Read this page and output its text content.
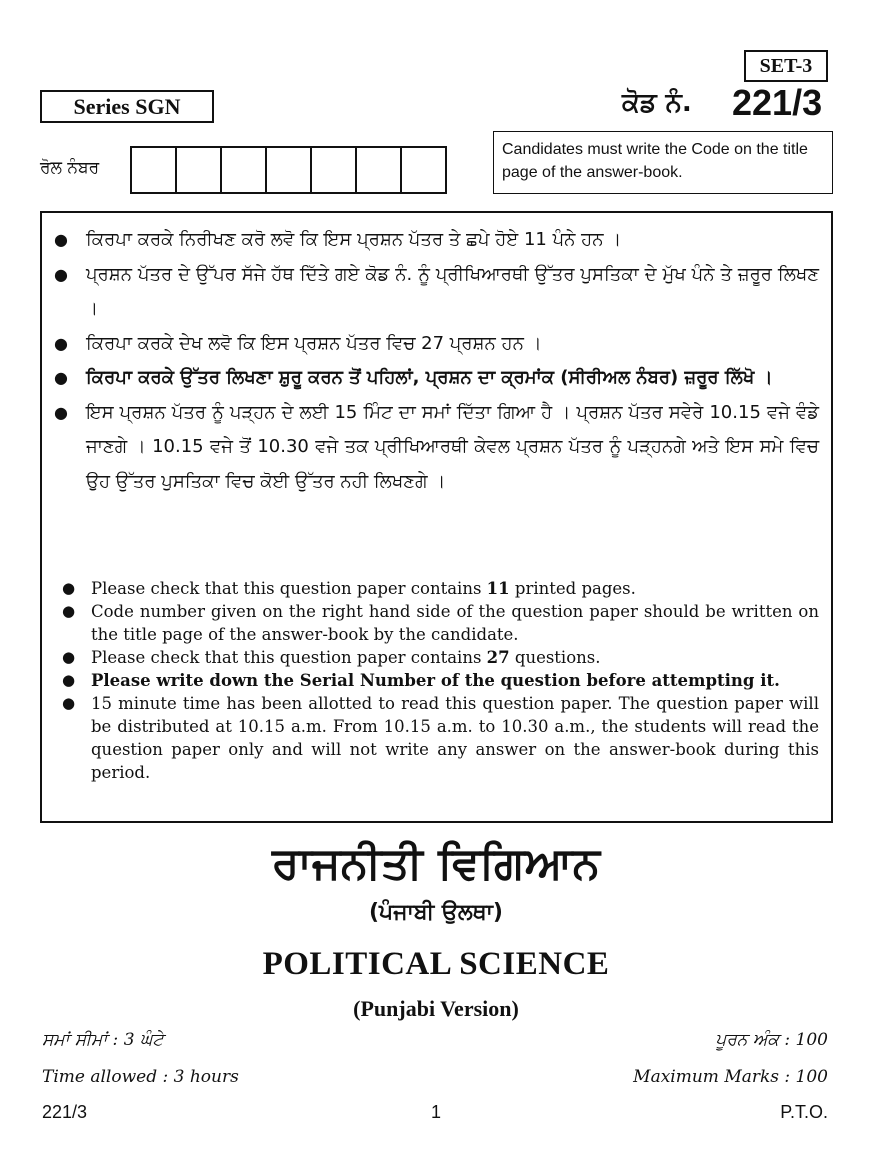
SET-3
Series SGN	ਕੋਡ ਨੰ. 221/3
ਰੋਲ ਨੰਬਰ
Candidates must write the Code on the title page of the answer-book.
● ਕਿਰਪਾ ਕਰਕੇ ਨਿਰੀਖਣ ਕਰੋ ਲਵੋ ਕਿ ਇਸ ਪ੍ਰਸ਼ਨ ਪੱਤਰ ਤੇ ਛਪੇ ਹੋਏ 11 ਪੰਨੇ ਹਨ ।
● ਪ੍ਰਸ਼ਨ ਪੱਤਰ ਦੇ ਉੱਪਰ ਸੱਜੇ ਹੱਥ ਦਿੱਤੇ ਗਏ ਕੋਡ ਨੰ. ਨੂੰ ਪ੍ਰੀਖਿਆਰਥੀ ਉੱਤਰ ਪੁਸਤਿਕਾ ਦੇ ਮੁੱਖ ਪੰਨੇ ਤੇ ਜ਼ਰੂਰ ਲਿਖਣ ।
● ਕਿਰਪਾ ਕਰਕੇ ਦੇਖ ਲਵੋ ਕਿ ਇਸ ਪ੍ਰਸ਼ਨ ਪੱਤਰ ਵਿਚ 27 ਪ੍ਰਸ਼ਨ ਹਨ ।
● ਕਿਰਪਾ ਕਰਕੇ ਉੱਤਰ ਲਿਖਣਾ ਸ਼ੁਰੂ ਕਰਨ ਤੋਂ ਪਹਿਲਾਂ, ਪ੍ਰਸ਼ਨ ਦਾ ਕ੍ਰਮਾਂਕ (ਸੀਰੀਅਲ ਨੰਬਰ) ਜ਼ਰੂਰ ਲਿੱਖੋ ।
● ਇਸ ਪ੍ਰਸ਼ਨ ਪੱਤਰ ਨੂੰ ਪੜ੍ਹਨ ਦੇ ਲਈ 15 ਮਿੰਟ ਦਾ ਸਮਾਂ ਦਿੱਤਾ ਗਿਆ ਹੈ । ਪ੍ਰਸ਼ਨ ਪੱਤਰ ਸਵੇਰੇ 10.15 ਵਜੇ ਵੰਡੇ ਜਾਣਗੇ । 10.15 ਵਜੇ ਤੋਂ 10.30 ਵਜੇ ਤਕ ਪ੍ਰੀਖਿਆਰਥੀ ਕੇਵਲ ਪ੍ਰਸ਼ਨ ਪੱਤਰ ਨੂੰ ਪੜ੍ਹਨਗੇ ਅਤੇ ਇਸ ਸਮੇ ਵਿਚ ਉਹ ਉੱਤਰ ਪੁਸਤਿਕਾ ਵਿਚ ਕੋਈ ਉੱਤਰ ਨਹੀ ਲਿਖਣਗੇ ।
● Please check that this question paper contains 11 printed pages.
● Code number given on the right hand side of the question paper should be written on the title page of the answer-book by the candidate.
● Please check that this question paper contains 27 questions.
● Please write down the Serial Number of the question before attempting it.
● 15 minute time has been allotted to read this question paper. The question paper will be distributed at 10.15 a.m. From 10.15 a.m. to 10.30 a.m., the students will read the question paper only and will not write any answer on the answer-book during this period.
ਰਾਜਨੀਤੀ ਵਿਗਿਆਨ
(ਪੰਜਾਬੀ ਉਲਥਾ)
POLITICAL SCIENCE
(Punjabi Version)
ਸਮਾਂ ਸੀਮਾਂ : 3 ਘੰਟੇ	ਪੂਰਨ ਅੰਕ : 100
Time allowed : 3 hours	Maximum Marks : 100
221/3	1	P.T.O.
